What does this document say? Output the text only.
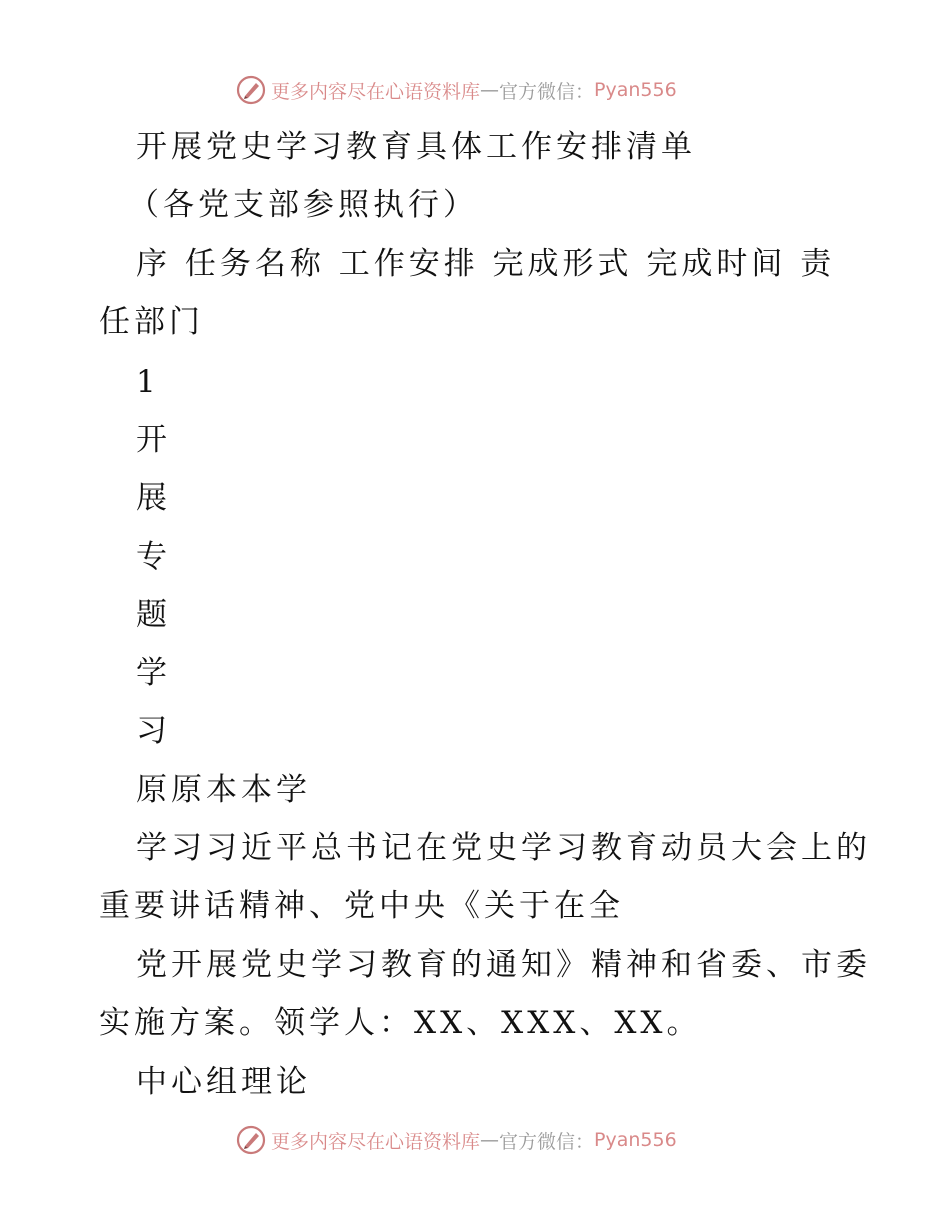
更多内容尽在心语资料库 — 官方微信： Pyan556
开展党史学习教育具体工作安排清单
（各党支部参照执行）
序 任务名称 工作安排 完成形式 完成时间 责
任部门
1
开
展
专
题
学
习
原原本本学
学习习近平总书记在党史学习教育动员大会上的
重要讲话精神、党中央《关于在全
党开展党史学习教育的通知》精神和省委、市委
实施方案。领学人：XX、XXX、XX。
中心组理论
更多内容尽在心语资料库 — 官方微信： Pyan556
